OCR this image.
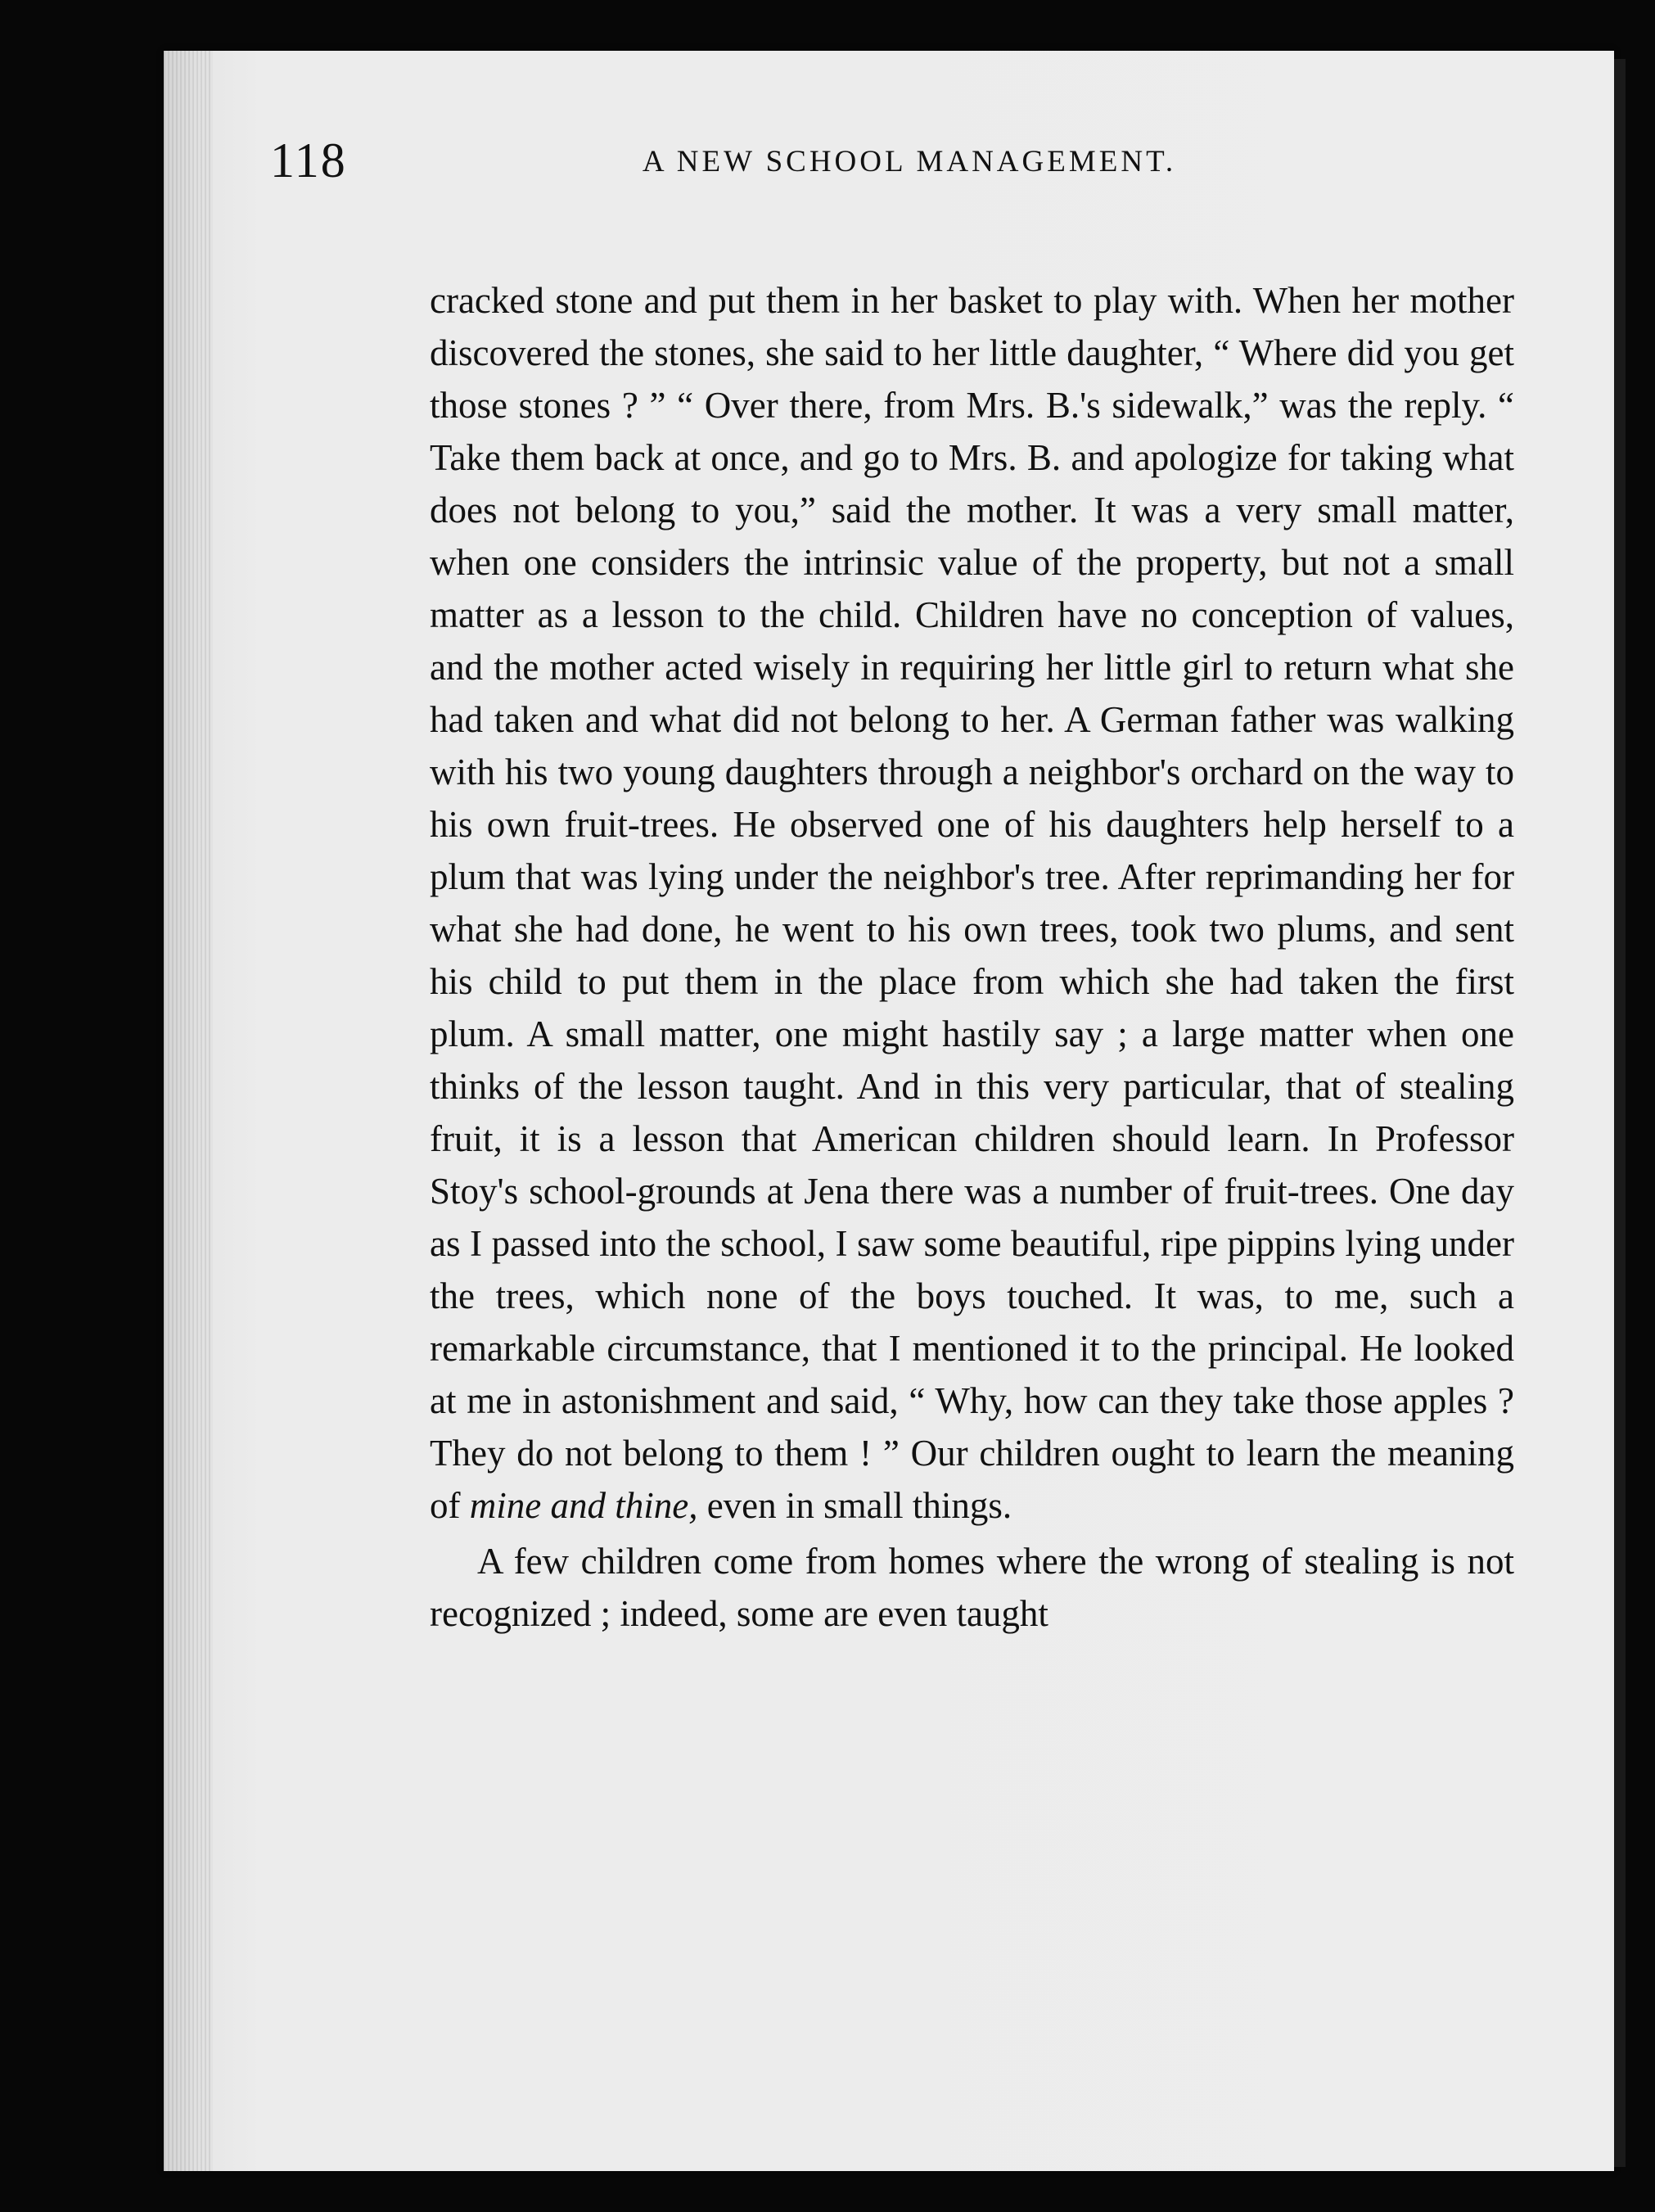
118	A NEW SCHOOL MANAGEMENT.

cracked stone and put them in her basket to play with. When her mother discovered the stones, she said to her little daughter, “ Where did you get those stones ? ” “ Over there, from Mrs. B.'s sidewalk,” was the reply. “ Take them back at once, and go to Mrs. B. and apologize for taking what does not belong to you,” said the mother. It was a very small matter, when one considers the intrinsic value of the property, but not a small matter as a lesson to the child. Children have no conception of values, and the mother acted wisely in requiring her little girl to return what she had taken and what did not belong to her. A German father was walking with his two young daughters through a neighbor's orchard on the way to his own fruit-trees. He observed one of his daughters help herself to a plum that was lying under the neighbor's tree. After reprimanding her for what she had done, he went to his own trees, took two plums, and sent his child to put them in the place from which she had taken the first plum. A small matter, one might hastily say ; a large matter when one thinks of the lesson taught. And in this very particular, that of stealing fruit, it is a lesson that American children should learn. In Professor Stoy's school-grounds at Jena there was a number of fruit-trees. One day as I passed into the school, I saw some beautiful, ripe pippins lying under the trees, which none of the boys touched. It was, to me, such a remarkable circumstance, that I mentioned it to the principal. He looked at me in astonishment and said, “ Why, how can they take those apples ? They do not belong to them ! ” Our children ought to learn the meaning of mine and thine, even in small things.

A few children come from homes where the wrong of stealing is not recognized ; indeed, some are even taught
